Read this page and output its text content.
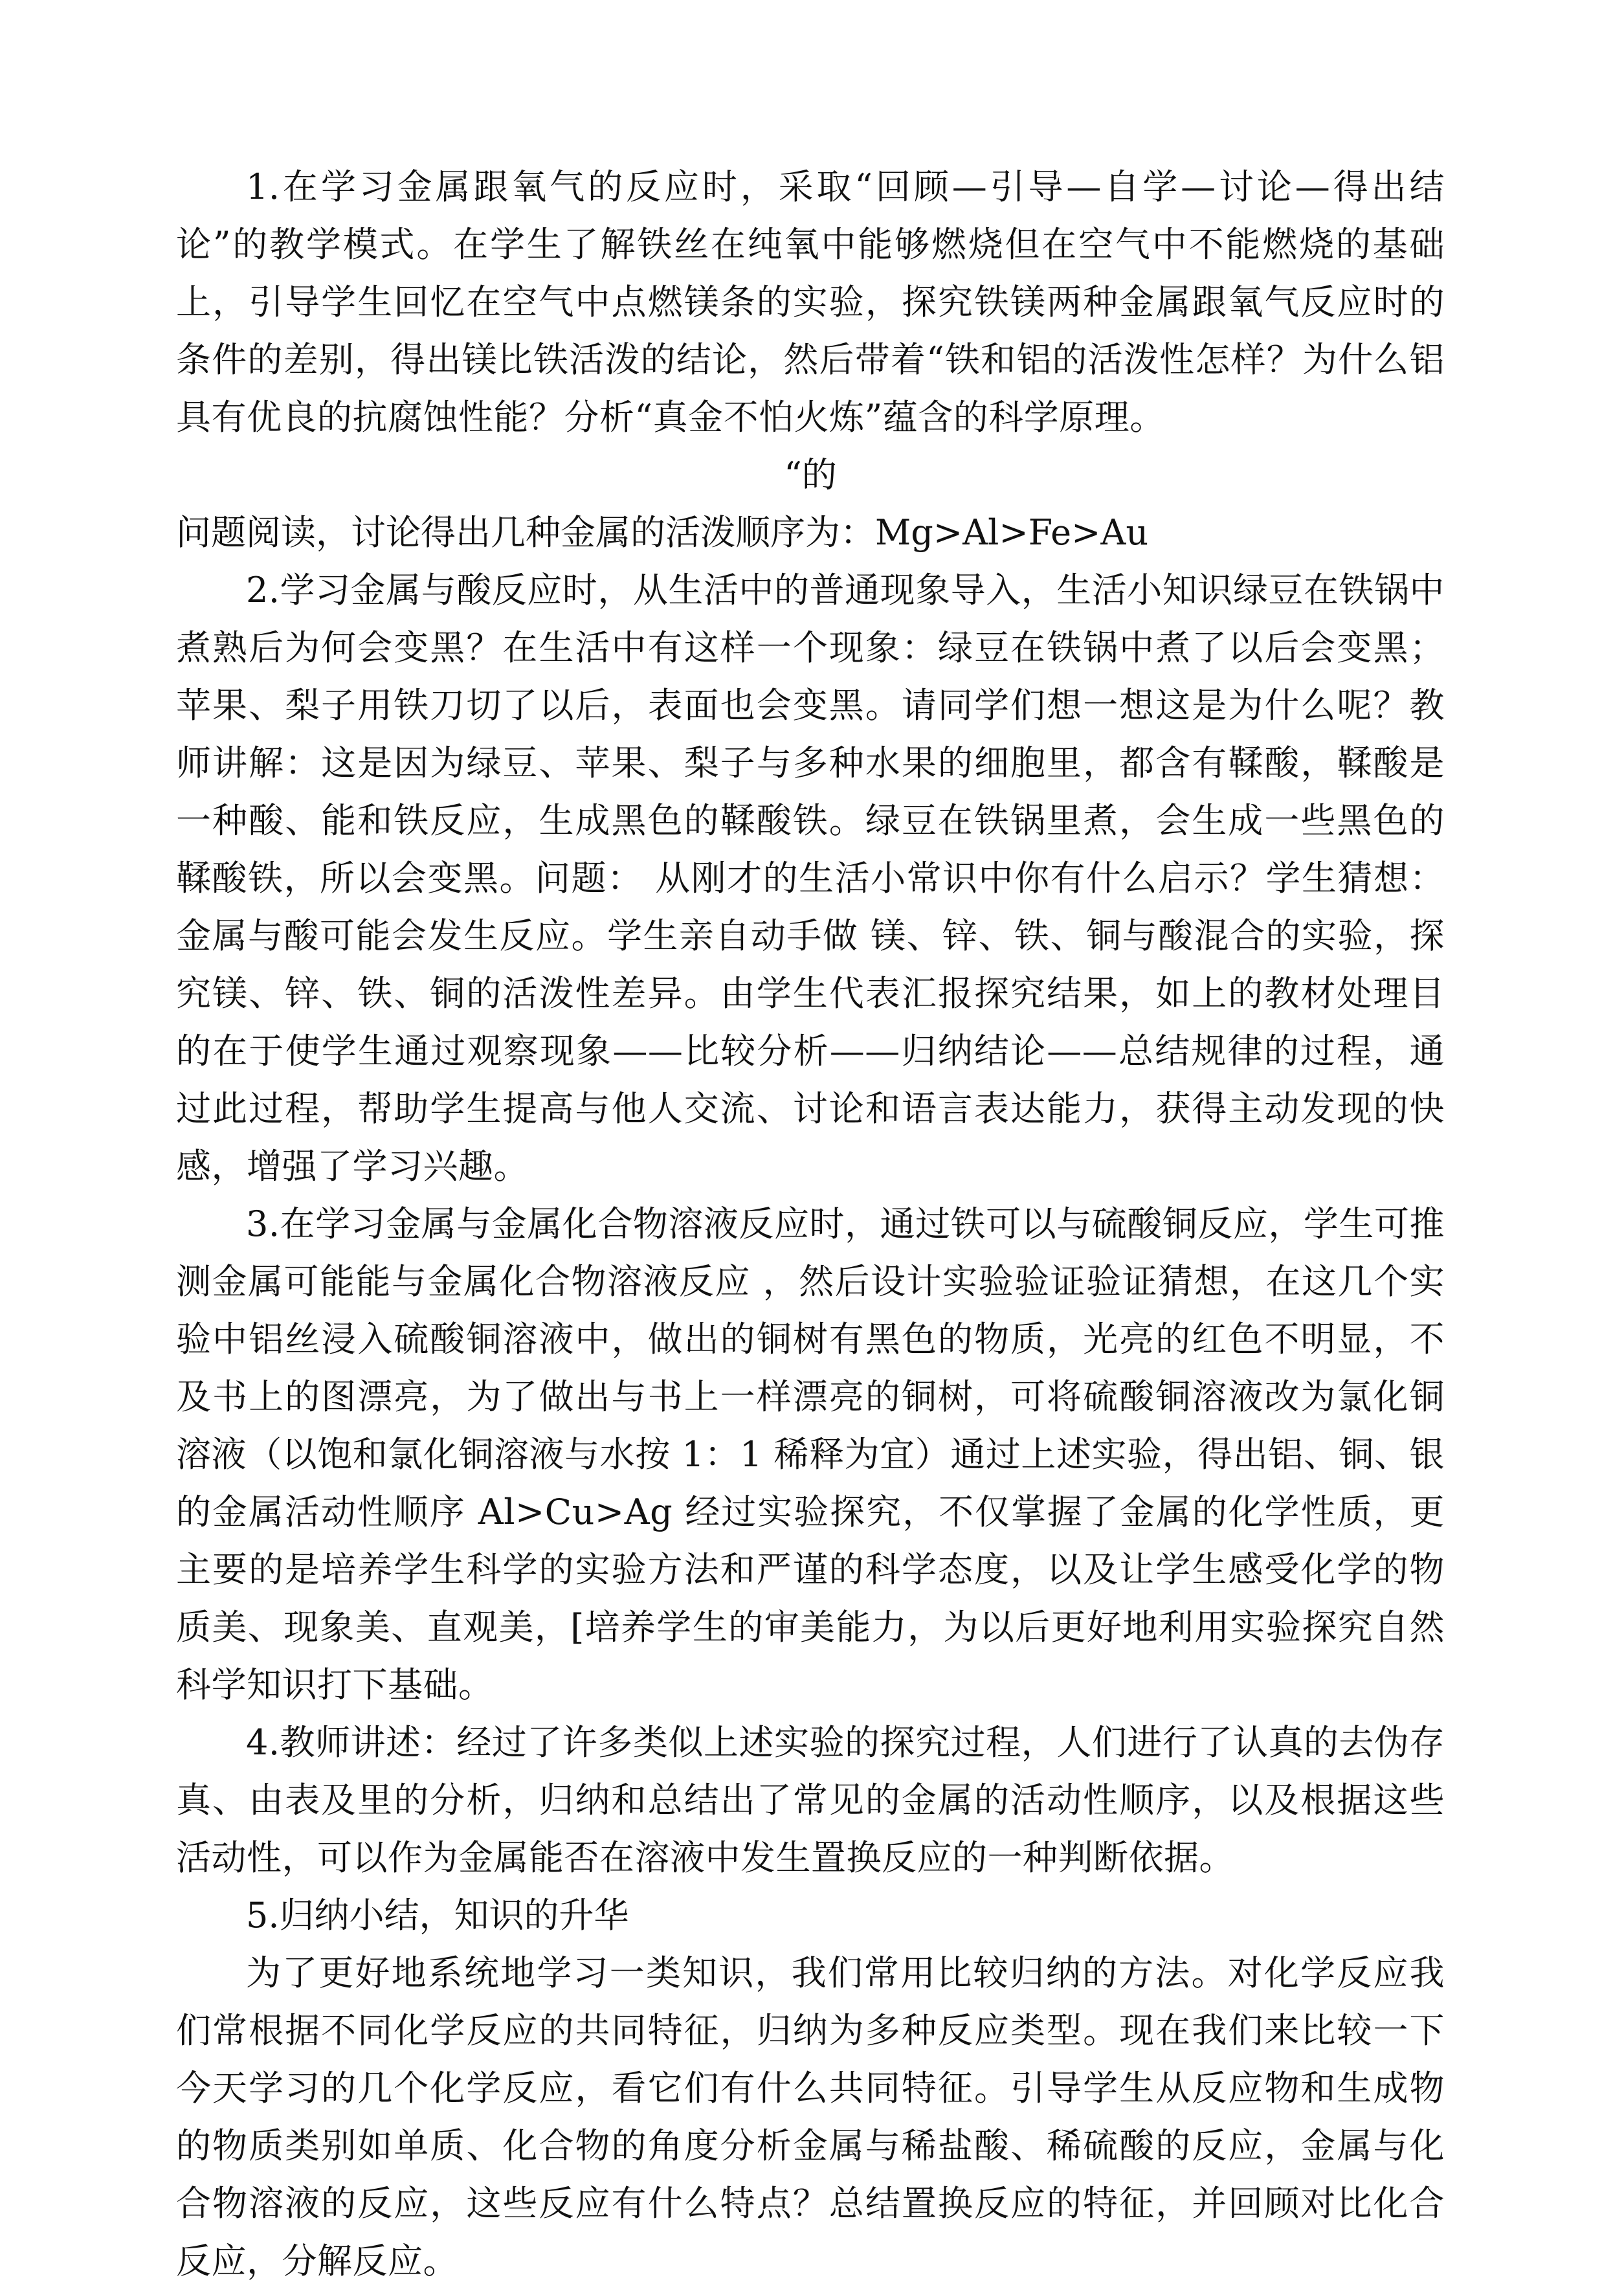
1.在学习金属跟氧气的反应时，采取“回顾—引导—自学—讨论—得出结论”的教学模式。在学生了解铁丝在纯氧中能够燃烧但在空气中不能燃烧的基础上，引导学生回忆在空气中点燃镁条的实验，探究铁镁两种金属跟氧气反应时的条件的差别，得出镁比铁活泼的结论，然后带着“铁和铝的活泼性怎样？为什么铝具有优良的抗腐蚀性能？分析“真金不怕火炼”蕴含的科学原理。

“的

问题阅读，讨论得出几种金属的活泼顺序为：Mg>Al>Fe>Au

2.学习金属与酸反应时，从生活中的普通现象导入，生活小知识绿豆在铁锅中煮熟后为何会变黑？在生活中有这样一个现象：绿豆在铁锅中煮了以后会变黑；苹果、梨子用铁刀切了以后，表面也会变黑。请同学们想一想这是为什么呢？教师讲解：这是因为绿豆、苹果、梨子与多种水果的细胞里，都含有鞣酸，鞣酸是一种酸、能和铁反应，生成黑色的鞣酸铁。绿豆在铁锅里煮，会生成一些黑色的鞣酸铁，所以会变黑。问题： 从刚才的生活小常识中你有什么启示？学生猜想：金属与酸可能会发生反应。学生亲自动手做 镁、锌、铁、铜与酸混合的实验，探究镁、锌、铁、铜的活泼性差异。由学生代表汇报探究结果，如上的教材处理目的在于使学生通过观察现象——比较分析——归纳结论——总结规律的过程，通过此过程，帮助学生提高与他人交流、讨论和语言表达能力，获得主动发现的快感，增强了学习兴趣。

3.在学习金属与金属化合物溶液反应时，通过铁可以与硫酸铜反应，学生可推测金属可能能与金属化合物溶液反应 ，然后设计实验验证验证猜想，在这几个实验中铝丝浸入硫酸铜溶液中，做出的铜树有黑色的物质，光亮的红色不明显，不及书上的图漂亮，为了做出与书上一样漂亮的铜树，可将硫酸铜溶液改为氯化铜溶液（以饱和氯化铜溶液与水按 1：1 稀释为宜）通过上述实验，得出铝、铜、银的金属活动性顺序 Al>Cu>Ag 经过实验探究，不仅掌握了金属的化学性质，更主要的是培养学生科学的实验方法和严谨的科学态度，以及让学生感受化学的物质美、现象美、直观美，[培养学生的审美能力，为以后更好地利用实验探究自然科学知识打下基础。

4.教师讲述：经过了许多类似上述实验的探究过程，人们进行了认真的去伪存真、由表及里的分析，归纳和总结出了常见的金属的活动性顺序，以及根据这些活动性，可以作为金属能否在溶液中发生置换反应的一种判断依据。

5.归纳小结，知识的升华

为了更好地系统地学习一类知识，我们常用比较归纳的方法。对化学反应我们常根据不同化学反应的共同特征，归纳为多种反应类型。现在我们来比较一下今天学习的几个化学反应，看它们有什么共同特征。引导学生从反应物和生成物的物质类别如单质、化合物的角度分析金属与稀盐酸、稀硫酸的反应，金属与化合物溶液的反应，这些反应有什么特点？总结置换反应的特征，并回顾对比化合反应，分解反应。
